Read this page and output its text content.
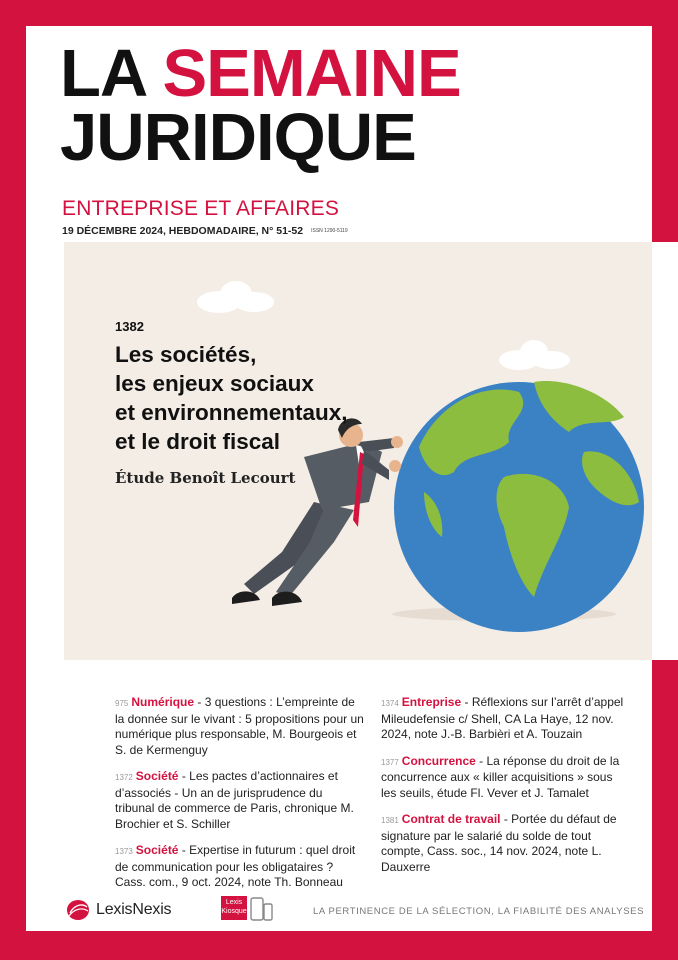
LA SEMAINE
JURIDIQUE
ENTREPRISE ET AFFAIRES
19 DÉCEMBRE 2024, HEBDOMADAIRE, N° 51-52 ISSN 1290-5119
1382
Les sociétés,
les enjeux sociaux
et environnementaux,
et le droit fiscal
Étude Benoît Lecourt
975 Numérique - 3 questions : L’empreinte de la donnée sur le vivant : 5 propositions pour un numérique plus responsable, M. Bourgeois et S. de Kermenguy
1372 Société - Les pactes d’actionnaires et d’associés - Un an de jurisprudence du tribunal de commerce de Paris, chronique M. Brochier et S. Schiller
1373 Société - Expertise in futurum : quel droit de communication pour les obligataires ? Cass. com., 9 oct. 2024, note Th. Bonneau
1374 Entreprise - Réflexions sur l’arrêt d’appel Mileudefensie c/ Shell, CA La Haye, 12 nov. 2024, note J.-B. Barbièri et A. Touzain
1377 Concurrence - La réponse du droit de la concurrence aux « killer acquisitions » sous les seuils, étude Fl. Vever et J. Tamalet
1381 Contrat de travail - Portée du défaut de signature par le salarié du solde de tout compte, Cass. soc., 14 nov. 2024, note L. Dauxerre
LexisNexis	Lexis
Kiosque	LA PERTINENCE DE LA SÉLECTION, LA FIABILITÉ DES ANALYSES
